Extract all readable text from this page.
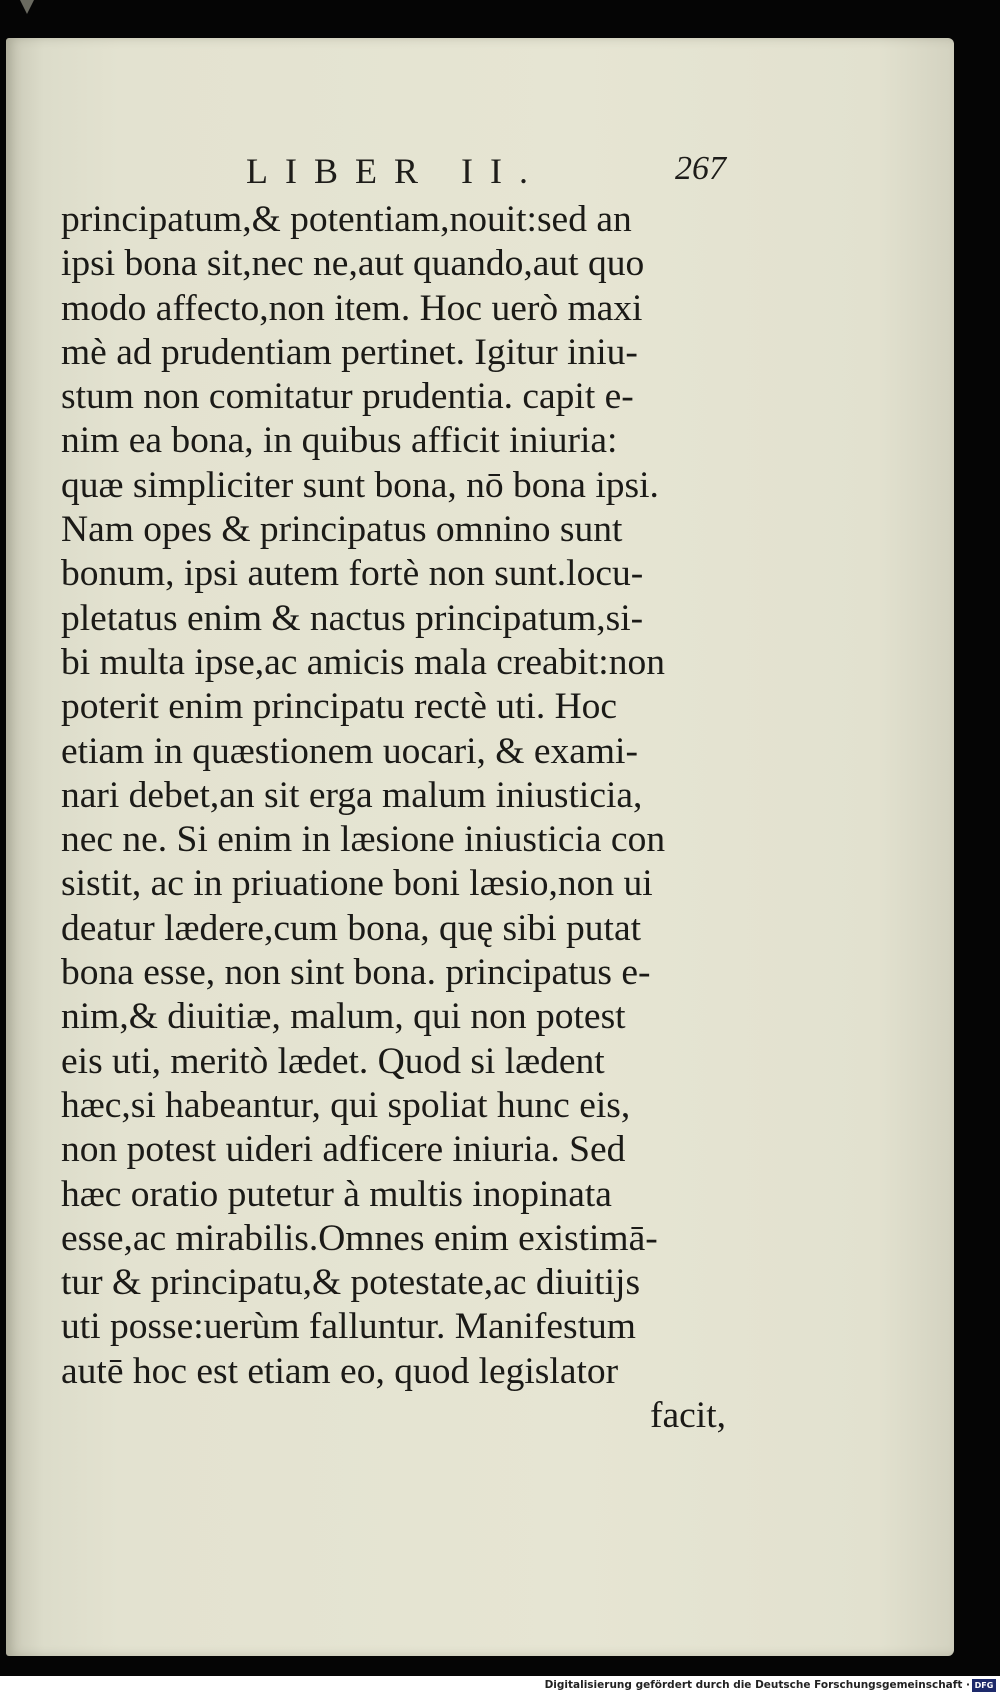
LIBER II.	267
principatum,& potentiam,nouit:sed an
ipsi bona sit,nec ne,aut quando,aut quo
modo affecto,non item. Hoc uerò maxi
mè ad prudentiam pertinet. Igitur iniu-
stum non comitatur prudentia. capit e-
nim ea bona, in quibus afficit iniuria:
quæ simpliciter sunt bona, nō bona ipsi.
Nam opes & principatus omnino sunt
bonum, ipsi autem fortè non sunt.locu-
pletatus enim & nactus principatum,si-
bi multa ipse,ac amicis mala creabit:non
poterit enim principatu rectè uti. Hoc
etiam in quæstionem uocari, & exami-
nari debet,an sit erga malum iniusticia,
nec ne. Si enim in læsione iniusticia con
sistit, ac in priuatione boni læsio,non ui
deatur lædere,cum bona, quę sibi putat
bona esse, non sint bona. principatus e-
nim,& diuitiæ, malum, qui non potest
eis uti, meritò lædet. Quod si lædent
hæc,si habeantur, qui spoliat hunc eis,
non potest uideri adficere iniuria. Sed
hæc oratio putetur à multis inopinata
esse,ac mirabilis.Omnes enim existimā-
tur & principatu,& potestate,ac diuitijs
uti posse:uerùm falluntur. Manifestum
autē hoc est etiam eo, quod legislator
facit,
Digitalisierung gefördert durch die Deutsche Forschungsgemeinschaft · DFG
